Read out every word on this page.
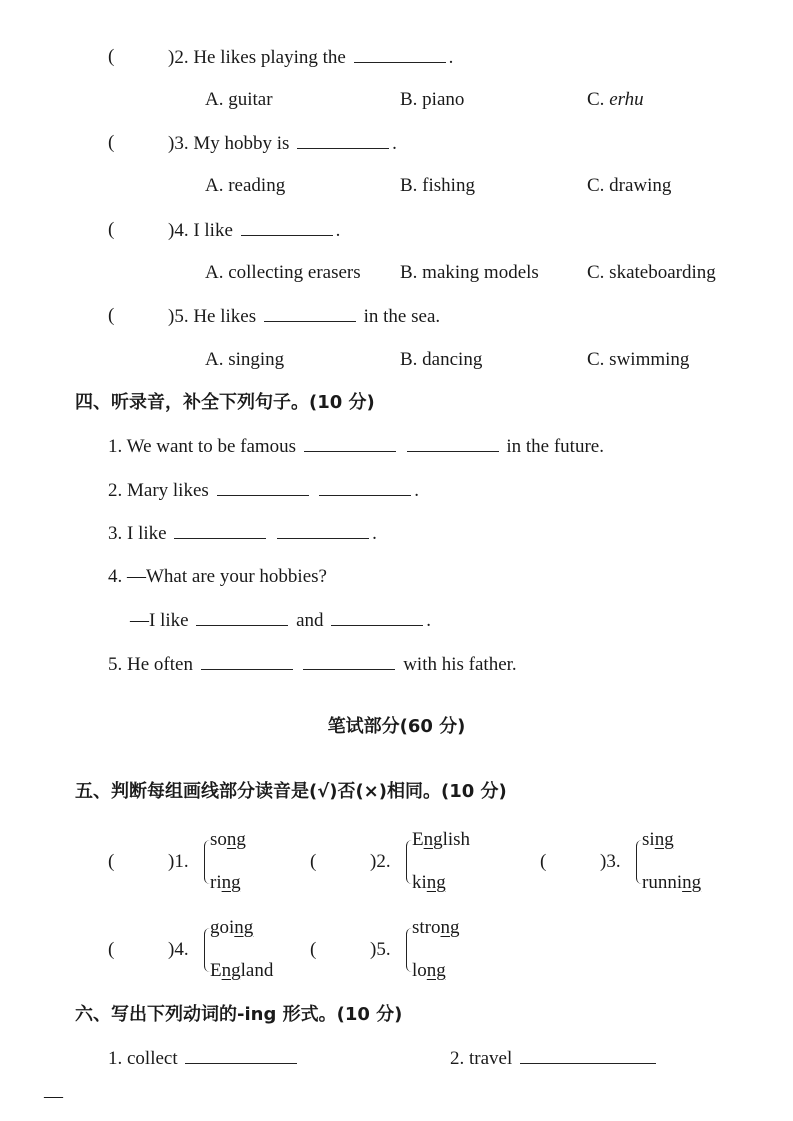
(	)2. He likes playing the	.
A. guitar	B. piano	C. erhu
(	)3. My hobby is	.
A. reading	B. fishing	C. drawing
(	)4. I like	.
A. collecting erasers B. making models	C. skateboarding
(	)5. He likes	in the sea.
A. singing	B. dancing	C. swimming
四、听录音，补全下列句子。(10 分)
1. We want to be famous	in the future.
2. Mary likes	.
3. I like	.
4. —What are your hobbies?
—I like	and	.
5. He often	with his father.
笔试部分(60 分)
五、判断每组画线部分读音是(√)否(×)相同。(10 分)
(	)1.
song
ring
(	)2.
English
king
(	)3.
sing
running
(	)4.
going
England
(	)5.
strong
long
六、写出下列动词的-ing 形式。(10 分)
1. collect	2. travel
—
